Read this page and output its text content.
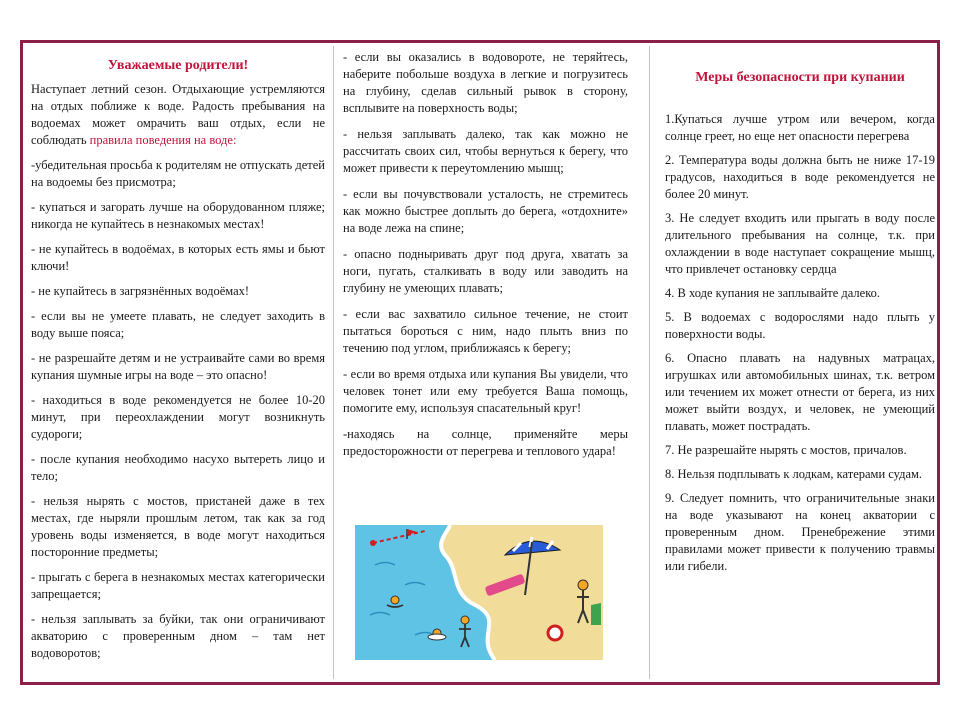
Уважаемые родители!

Наступает летний сезон. Отдыхающие устремляются на отдых поближе к воде. Радость пребывания на водоемах может омрачить ваш отдых, если не соблюдать правила поведения на воде:

-убедительная просьба к родителям не отпускать детей на водоемы без присмотра;

- купаться и загорать лучше на оборудованном пляже; никогда не купайтесь в незнакомых местах!

- не купайтесь в водоёмах, в которых есть ямы и бьют ключи!

- не купайтесь в загрязнённых водоёмах!

- если вы не умеете плавать, не следует заходить в воду выше пояса;

- не разрешайте детям и не устраивайте сами во время купания шумные игры на воде – это опасно!

- находиться в воде рекомендуется не более 10-20 минут, при переохлаждении могут возникнуть судороги;

- после купания необходимо насухо вытереть лицо и тело;

- нельзя нырять с мостов, пристаней даже в тех местах, где ныряли прошлым летом, так как за год уровень воды изменяется, в воде могут находиться посторонние предметы;

- прыгать с берега в незнакомых местах категорически запрещается;

- нельзя заплывать за буйки, так они ограничивают акваторию с проверенным дном – там нет водоворотов;

- если вы оказались в водовороте, не теряйтесь, наберите побольше воздуха в легкие и погрузитесь на глубину, сделав сильный рывок в сторону, всплывите на поверхность воды;

- нельзя заплывать далеко, так как можно не рассчитать своих сил, чтобы вернуться к берегу, что может привести к переутомлению мышц;

- если вы почувствовали усталость, не стремитесь как можно быстрее доплыть до берега, «отдохните» на воде лежа на спине;

- опасно подныривать друг под друга, хватать за ноги, пугать, сталкивать в воду или заводить на глубину не умеющих плавать;

- если вас захватило сильное течение, не стоит пытаться бороться с ним, надо плыть вниз по течению под углом, приближаясь к берегу;

- если во время отдыха или купания Вы увидели, что человек тонет или ему требуется Ваша помощь, помогите ему, используя спасательный круг!

-находясь на солнце, применяйте меры предосторожности от перегрева и теплового удара!

Меры безопасности при купании

1.Купаться лучше утром или вечером, когда солнце греет, но еще нет опасности перегрева

2. Температура воды должна быть не ниже 17-19 градусов, находиться в воде рекомендуется не более 20 минут.

3. Не следует входить или прыгать в воду после длительного пребывания на солнце, т.к. при охлаждении в воде наступает сокращение мышц, что привлечет остановку сердца

4. В ходе купания не заплывайте далеко.

5. В водоемах с водорослями надо плыть у поверхности воды.

6. Опасно плавать на надувных матрацах, игрушках или автомобильных шинах, т.к. ветром или течением их может отнести от берега, из них может выйти воздух, и человек, не умеющий плавать, может пострадать.

7. Не разрешайте нырять с мостов, причалов.

8. Нельзя подплывать к лодкам, катерами судам.

9. Следует помнить, что ограничительные знаки на воде указывают на конец акватории с проверенным дном. Пренебрежение этими правилами может привести к получению травмы или гибели.
